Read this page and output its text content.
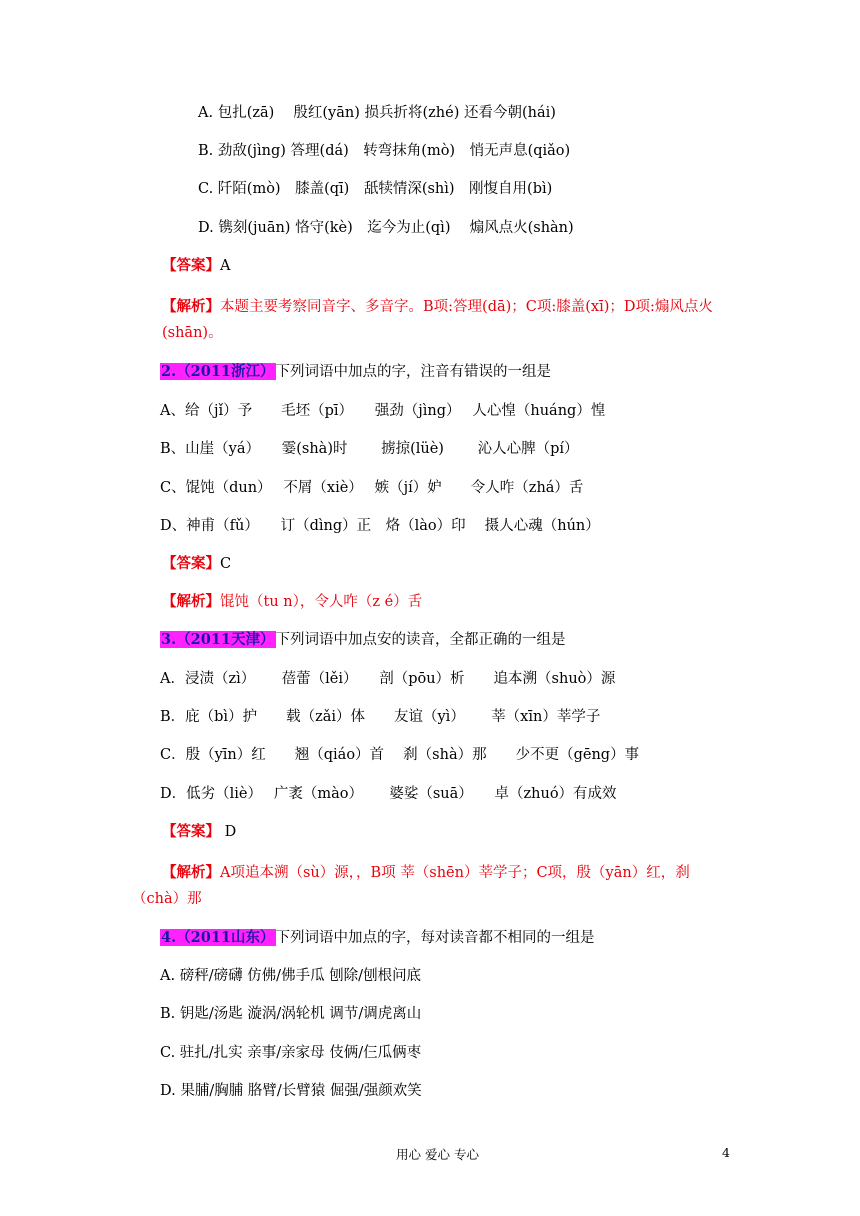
A. 包扎(zā)　 殷红(yān) 损兵折将(zhé) 还看今朝(hái)
B. 劲敌(jìng) 答理(dá)　转弯抹角(mò)　悄无声息(qiǎo)
C. 阡陌(mò)　膝盖(qī)　舐犊情深(shì)　刚愎自用(bì)
D. 镌刻(juān) 恪守(kè)　迄今为止(qì)　 煽风点火(shàn)
【答案】A
【解析】本题主要考察同音字、多音字。B项:答理(dā)；C项:膝盖(xī)；D项:煽风点火(shān)。
2.（2011浙江）下列词语中加点的字，注音有错误的一组是
A、给（jǐ）予　　毛坯（pī）　　强劲（jìng）　 人心惶（huáng）惶
B、山崖（yá）　　霎(shà)时　　 掳掠(lüè)　　 沁人心脾（pí）
C、馄饨（dun）　 不屑（xiè）　 嫉（jí）妒　　令人咋（zhá）舌
D、神甫（fǔ）　　订（dìng）正　烙（lào）印　 摄人心魂（hún）
【答案】C
【解析】馄饨（tu n），令人咋（z é）舌
3.（2011天津）下列词语中加点安的读音，全都正确的一组是
A．浸渍（zì）　　 蓓蕾（lěi）　　剖（pōu）析　　追本溯（shuò）源
B．庇（bì）护　　载（zǎi）体　　友谊（yì）　　 莘（xīn）莘学子
C．殷（yīn）红　　翘（qiáo）首　 刹（shà）那　　少不更（gēng）事
D．低劣（liè）　 广袤（mào）　　 婆娑（suā）　　卓（zhuó）有成效
【答案】 D
【解析】A项追本溯（sù）源，，B项 莘（shēn）莘学子；C项，殷（yān）红，刹（chà）那
4.（2011山东）下列词语中加点的字，每对读音都不相同的一组是
A. 磅秤/磅礴 仿佛/佛手瓜 刨除/刨根问底
B. 钥匙/汤匙 漩涡/涡轮机 调节/调虎离山
C. 驻扎/扎实 亲事/亲家母 伎俩/仨瓜俩枣
D. 果脯/胸脯 胳臂/长臂猿 倔强/强颜欢笑
用心 爱心 专心	4
